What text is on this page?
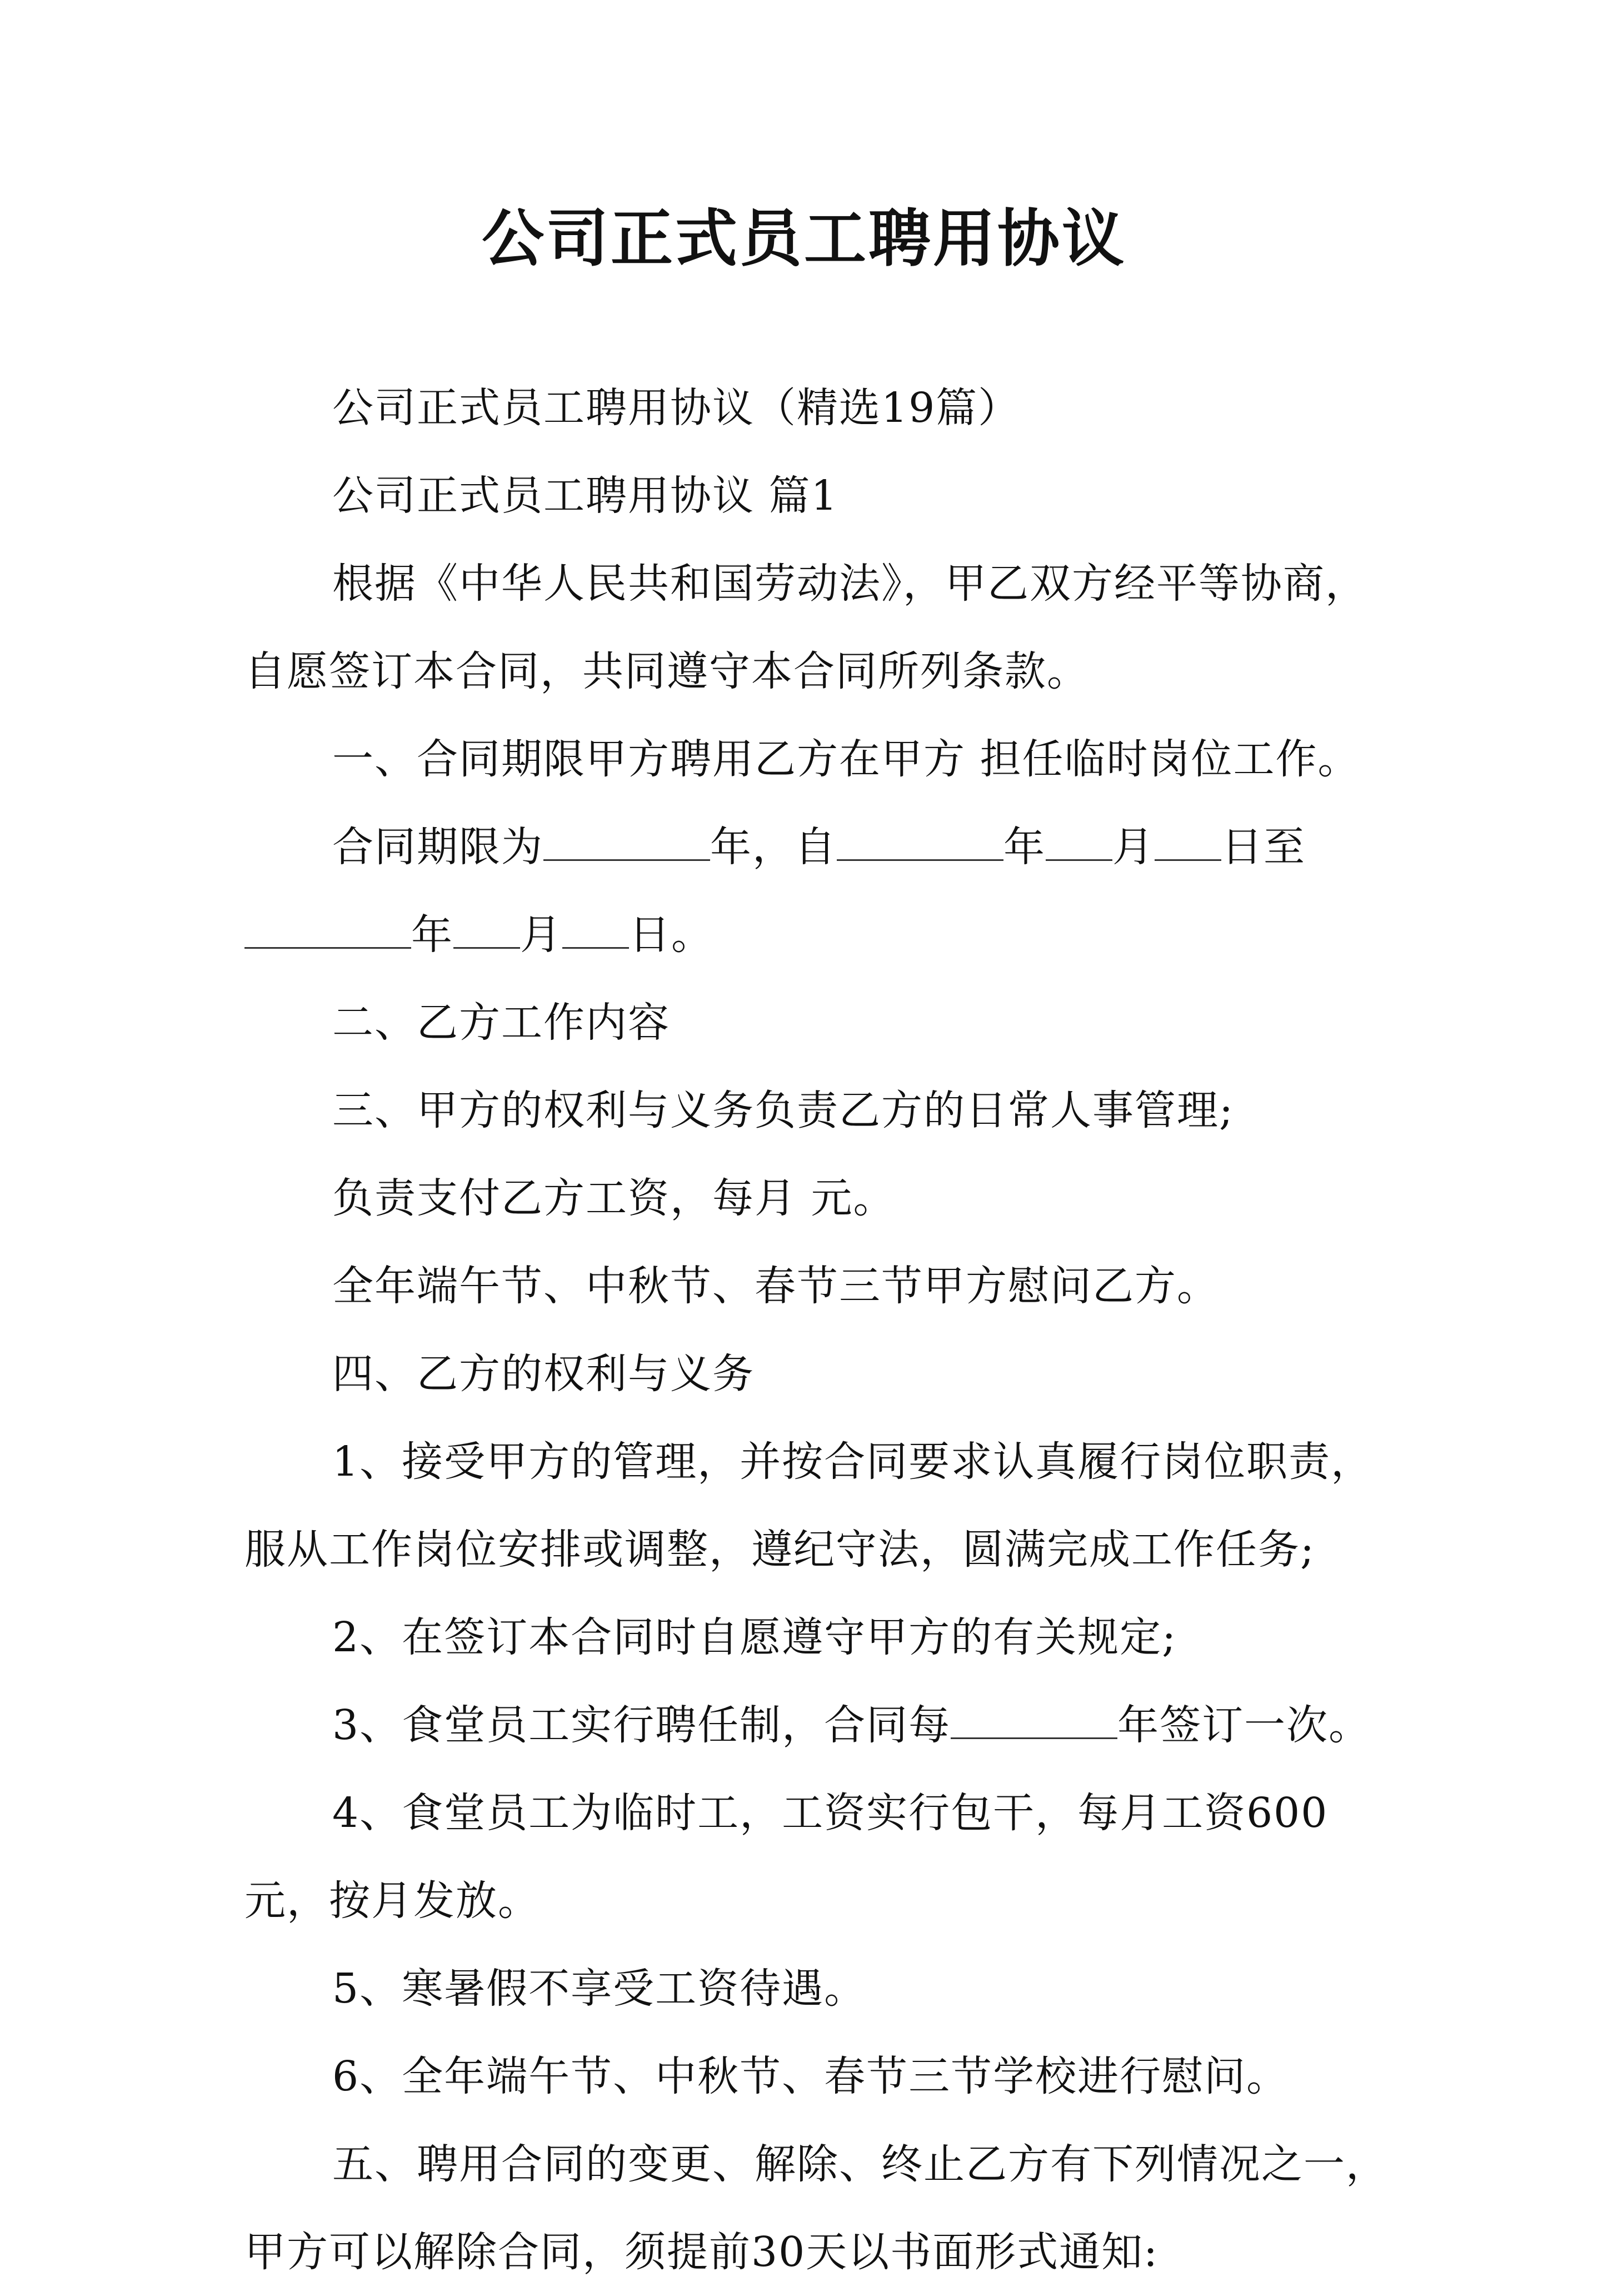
公司正式员工聘用协议

公司正式员工聘用协议（精选19篇）

公司正式员工聘用协议 篇1

根据《中华人民共和国劳动法》，甲乙双方经平等协商，自愿签订本合同，共同遵守本合同所列条款。

一、合同期限甲方聘用乙方在甲方 担任临时岗位工作。

合同期限为	年，自	年 月 日至年 月 日。

二、乙方工作内容

三、甲方的权利与义务负责乙方的日常人事管理;

负责支付乙方工资，每月 元。

全年端午节、中秋节、春节三节甲方慰问乙方。

四、乙方的权利与义务

1、接受甲方的管理，并按合同要求认真履行岗位职责，服从工作岗位安排或调整，遵纪守法，圆满完成工作任务;

2、在签订本合同时自愿遵守甲方的有关规定;

3、食堂员工实行聘任制，合同每	年签订一次。

4、食堂员工为临时工，工资实行包干，每月工资600元，按月发放。

5、寒暑假不享受工资待遇。

6、全年端午节、中秋节、春节三节学校进行慰问。

五、聘用合同的变更、解除、终止乙方有下列情况之一，甲方可以解除合同，须提前30天以书面形式通知:
